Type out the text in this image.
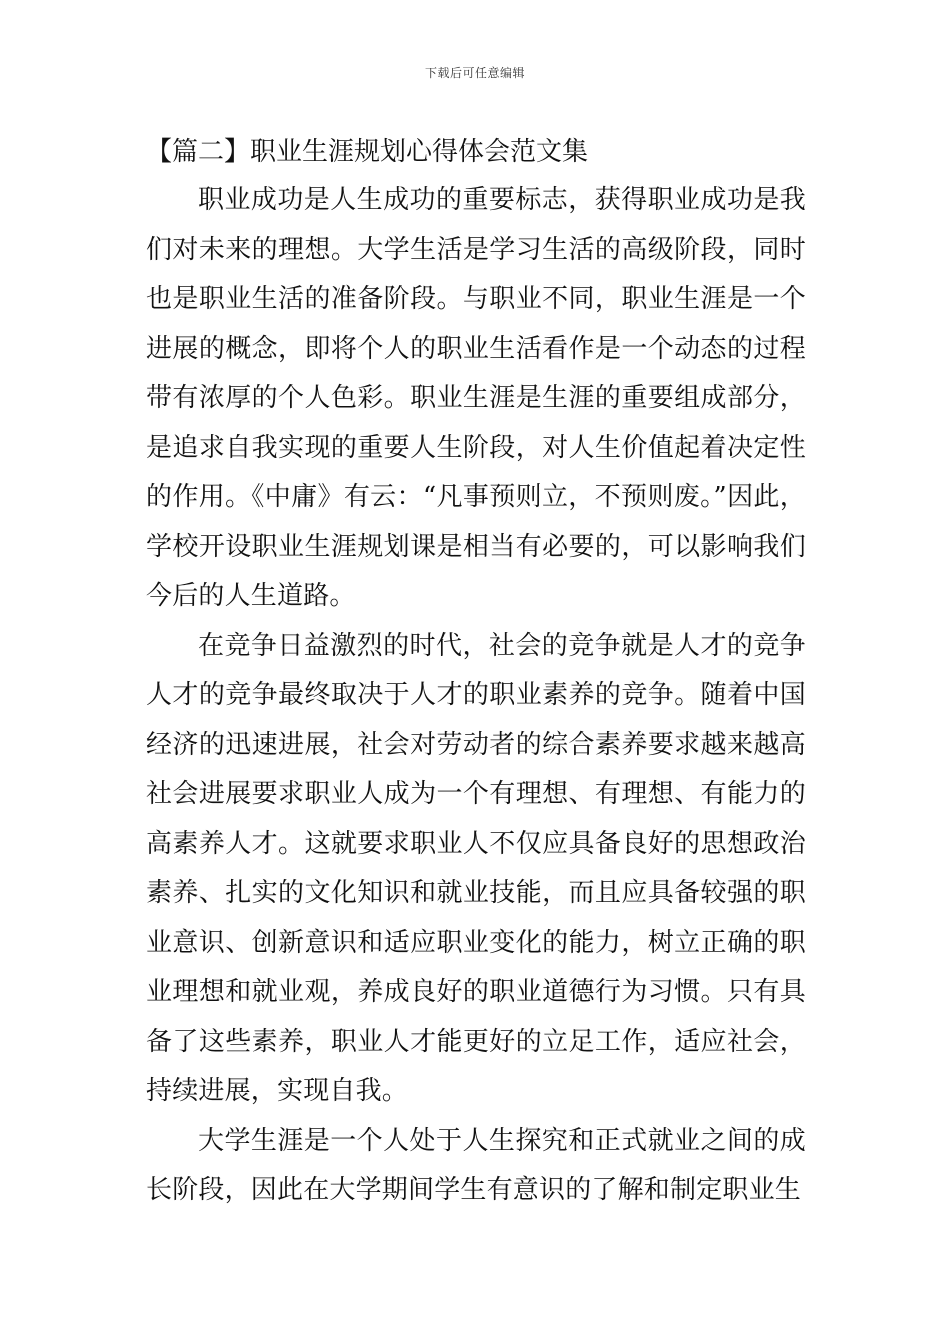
下载后可任意编辑
【篇二】职业生涯规划心得体会范文集

职业成功是人生成功的重要标志，获得职业成功是我们对未来的理想。大学生活是学习生活的高级阶段，同时也是职业生活的准备阶段。与职业不同，职业生涯是一个进展的概念，即将个人的职业生活看作是一个动态的过程带有浓厚的个人色彩。职业生涯是生涯的重要组成部分，是追求自我实现的重要人生阶段，对人生价值起着决定性的作用。《中庸》有云：“凡事预则立，不预则废。”因此，学校开设职业生涯规划课是相当有必要的，可以影响我们今后的人生道路。

在竞争日益激烈的时代，社会的竞争就是人才的竞争人才的竞争最终取决于人才的职业素养的竞争。随着中国经济的迅速进展，社会对劳动者的综合素养要求越来越高社会进展要求职业人成为一个有理想、有理想、有能力的高素养人才。这就要求职业人不仅应具备良好的思想政治素养、扎实的文化知识和就业技能，而且应具备较强的职业意识、创新意识和适应职业变化的能力，树立正确的职业理想和就业观，养成良好的职业道德行为习惯。只有具备了这些素养，职业人才能更好的立足工作，适应社会，持续进展，实现自我。

大学生涯是一个人处于人生探究和正式就业之间的成长阶段，因此在大学期间学生有意识的了解和制定职业生
